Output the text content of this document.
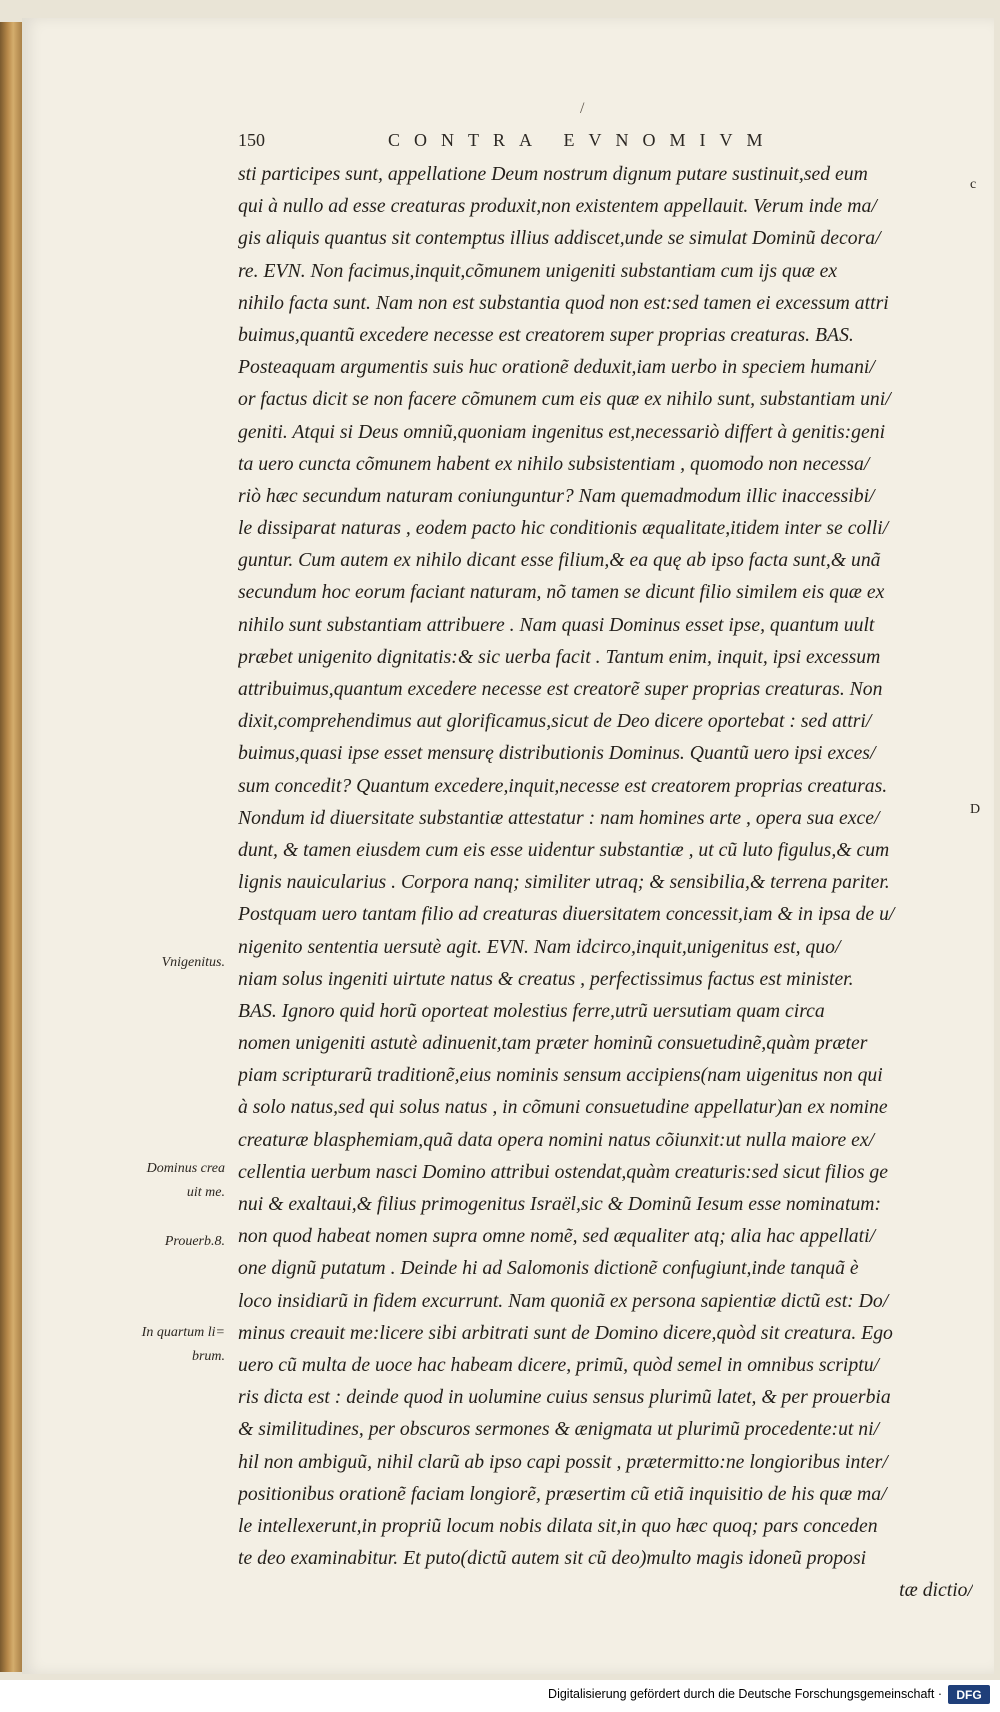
/
150	CONTRA EVNOMIVM
c
D
sti participes sunt, appellatione Deum nostrum dignum putare sustinuit,sed eum
qui à nullo ad esse creaturas produxit,non existentem appellauit. Verum inde ma/
gis aliquis quantus sit contemptus illius addiscet,unde se simulat Dominũ decora/
re. EVN. Non facimus,inquit,cõmunem unigeniti substantiam cum ijs quæ ex
nihilo facta sunt. Nam non est substantia quod non est:sed tamen ei excessum attri
buimus,quantũ excedere necesse est creatorem super proprias creaturas. BAS.
Posteaquam argumentis suis huc orationẽ deduxit,iam uerbo in speciem humani/
or factus dicit se non facere cõmunem cum eis quæ ex nihilo sunt, substantiam uni/
geniti. Atqui si Deus omniũ,quoniam ingenitus est,necessariò differt à genitis:geni
ta uero cuncta cõmunem habent ex nihilo subsistentiam , quomodo non necessa/
riò hæc secundum naturam coniunguntur? Nam quemadmodum illic inaccessibi/
le dissiparat naturas , eodem pacto hic conditionis æqualitate,itidem inter se colli/
guntur. Cum autem ex nihilo dicant esse filium,& ea quę ab ipso facta sunt,& unã
secundum hoc eorum faciant naturam, nõ tamen se dicunt filio similem eis quæ ex
nihilo sunt substantiam attribuere . Nam quasi Dominus esset ipse, quantum uult
præbet unigenito dignitatis:& sic uerba facit . Tantum enim, inquit, ipsi excessum
attribuimus,quantum excedere necesse est creatorẽ super proprias creaturas. Non
dixit,comprehendimus aut glorificamus,sicut de Deo dicere oportebat : sed attri/
buimus,quasi ipse esset mensurę distributionis Dominus. Quantũ uero ipsi exces/
sum concedit? Quantum excedere,inquit,necesse est creatorem proprias creaturas.
Nondum id diuersitate substantiæ attestatur : nam homines arte , opera sua exce/
dunt, & tamen eiusdem cum eis esse uidentur substantiæ , ut cũ luto figulus,& cum
lignis nauicularius . Corpora nanq; similiter utraq; & sensibilia,& terrena pariter.
Postquam uero tantam filio ad creaturas diuersitatem concessit,iam & in ipsa de u/
nigenito sententia uersutè agit. EVN. Nam idcirco,inquit,unigenitus est, quo/
niam solus ingeniti uirtute natus & creatus , perfectissimus factus est minister.
BAS. Ignoro quid horũ oporteat molestius ferre,utrũ uersutiam quam circa
nomen unigeniti astutè adinuenit,tam præter hominũ consuetudinẽ,quàm præter
piam scripturarũ traditionẽ,eius nominis sensum accipiens(nam uigenitus non qui
à solo natus,sed qui solus natus , in cõmuni consuetudine appellatur)an ex nomine
creaturæ blasphemiam,quã data opera nomini natus cõiunxit:ut nulla maiore ex/
cellentia uerbum nasci Domino attribui ostendat,quàm creaturis:sed sicut filios ge
nui & exaltaui,& filius primogenitus Israël,sic & Dominũ Iesum esse nominatum:
non quod habeat nomen supra omne nomẽ, sed æqualiter atq; alia hac appellati/
one dignũ putatum . Deinde hi ad Salomonis dictionẽ confugiunt,inde tanquã è
loco insidiarũ in fidem excurrunt. Nam quoniã ex persona sapientiæ dictũ est: Do/
minus creauit me:licere sibi arbitrati sunt de Domino dicere,quòd sit creatura. Ego
uero cũ multa de uoce hac habeam dicere, primũ, quòd semel in omnibus scriptu/
ris dicta est : deinde quod in uolumine cuius sensus plurimũ latet, & per prouerbia
& similitudines, per obscuros sermones & ænigmata ut plurimũ procedente:ut ni/
hil non ambiguũ, nihil clarũ ab ipso capi possit , prætermitto:ne longioribus inter/
positionibus orationẽ faciam longiorẽ, præsertim cũ etiã inquisitio de his quæ ma/
le intellexerunt,in propriũ locum nobis dilata sit,in quo hæc quoq; pars conceden
te deo examinabitur. Et puto(dictũ autem sit cũ deo)multo magis idoneũ proposi
tæ dictio/
Vnigenitus.
Dominus crea
uit me.
Prouerb.8.
In quartum li=
brum.
Digitalisierung gefördert durch die Deutsche Forschungsgemeinschaft ·	DFG
